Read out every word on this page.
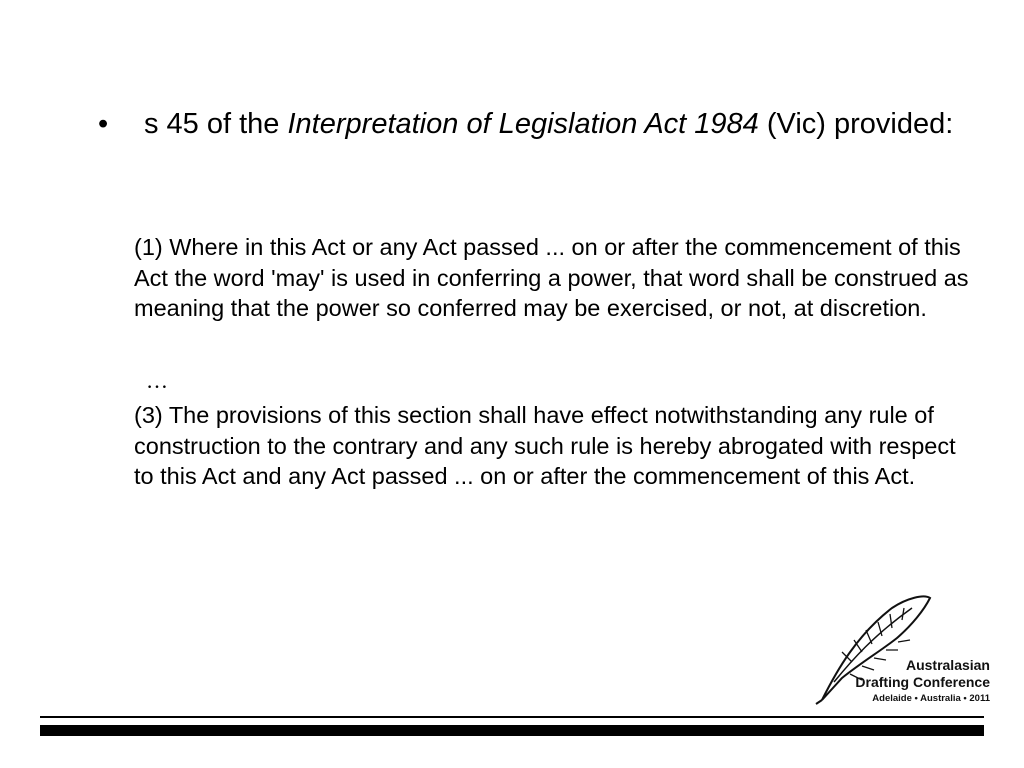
•	s 45 of the Interpretation of Legislation Act 1984 (Vic) provided:
(1) Where in this Act or any Act passed ... on or after the commencement of this Act the word 'may' is used in conferring a power, that word shall be construed as meaning that the power so conferred may be exercised, or not, at discretion.
…
(3) The provisions of this section shall have effect notwithstanding any rule of construction to the contrary and any such rule is hereby abrogated with respect to this Act and any Act passed ... on or after the commencement of this Act.
Australasian
Drafting Conference
Adelaide • Australia • 2011
